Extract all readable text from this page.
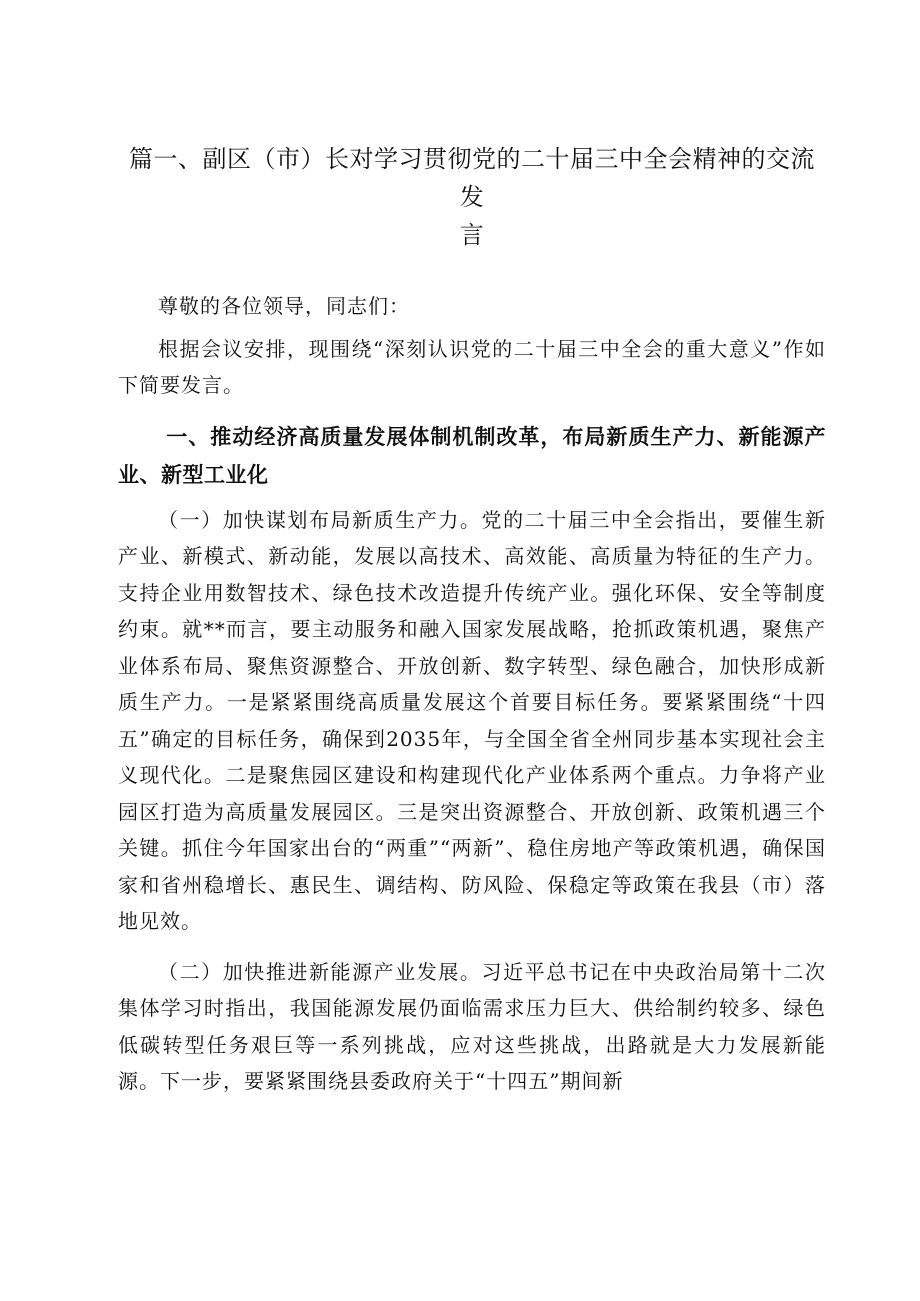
篇一、副区（市）长对学习贯彻党的二十届三中全会精神的交流发
言

尊敬的各位领导，同志们：

根据会议安排，现围绕“深刻认识党的二十届三中全会的重大意义”作如下简要发言。

一、推动经济高质量发展体制机制改革，布局新质生产力、新能源产业、新型工业化

（一）加快谋划布局新质生产力。党的二十届三中全会指出，要催生新产业、新模式、新动能，发展以高技术、高效能、高质量为特征的生产力。支持企业用数智技术、绿色技术改造提升传统产业。强化环保、安全等制度约束。就**而言，要主动服务和融入国家发展战略，抢抓政策机遇，聚焦产业体系布局、聚焦资源整合、开放创新、数字转型、绿色融合，加快形成新质生产力。一是紧紧围绕高质量发展这个首要目标任务。要紧紧围绕“十四五”确定的目标任务，确保到2035年，与全国全省全州同步基本实现社会主义现代化。二是聚焦园区建设和构建现代化产业体系两个重点。力争将产业园区打造为高质量发展园区。三是突出资源整合、开放创新、政策机遇三个关键。抓住今年国家出台的“两重”“两新”、稳住房地产等政策机遇，确保国家和省州稳增长、惠民生、调结构、防风险、保稳定等政策在我县（市）落地见效。

（二）加快推进新能源产业发展。习近平总书记在中央政治局第十二次集体学习时指出，我国能源发展仍面临需求压力巨大、供给制约较多、绿色低碳转型任务艰巨等一系列挑战，应对这些挑战，出路就是大力发展新能源。下一步，要紧紧围绕县委政府关于“十四五”期间新
